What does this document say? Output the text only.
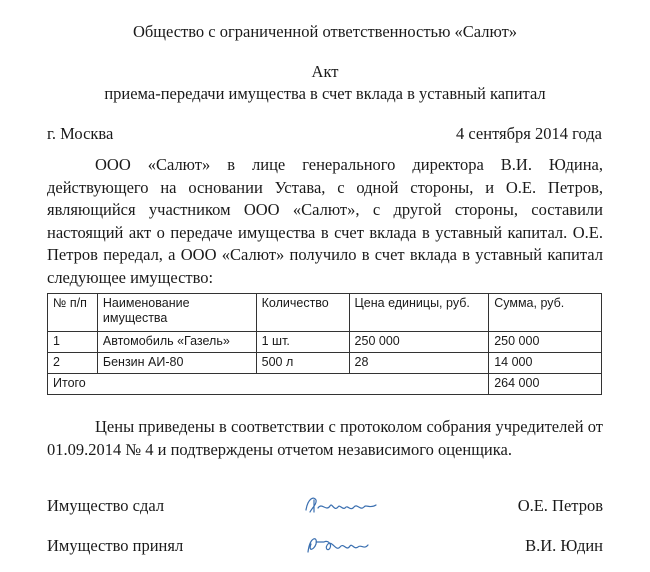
Общество с ограниченной ответственностью «Салют»
Акт
приема-передачи имущества в счет вклада в уставный капитал
г. Москва	4 сентября 2014 года

ООО «Салют» в лице генерального директора В.И. Юдина, действующего на основании Устава, с одной стороны, и О.Е. Петров, являющийся участником ООО «Салют», с другой стороны, составили настоящий акт о передаче имущества в счет вклада в уставный капитал. О.Е. Петров передал, а ООО «Салют» получило в счет вклада в уставный капитал следующее имущество:

№ п/п	Наименование имущества	Количество	Цена единицы, руб.	Сумма, руб.
1	Автомобиль «Газель»	1 шт.	250 000	250 000
2	Бензин АИ-80	500 л	28	14 000
Итого				264 000

Цены приведены в соответствии с протоколом собрания учредителей от 01.09.2014 № 4 и подтверждены отчетом независимого оценщика.

Имущество сдал	О.Е. Петров
Имущество принял	В.И. Юдин
